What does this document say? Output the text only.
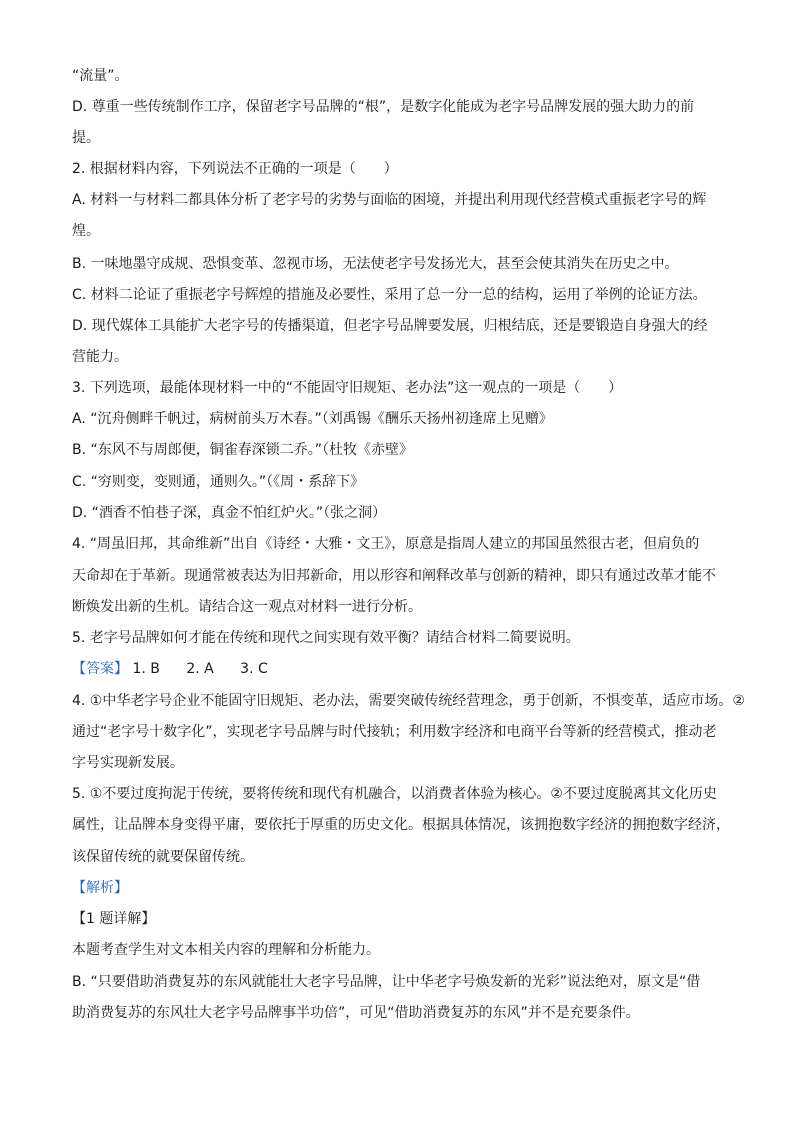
“流量”。
D. 尊重一些传统制作工序，保留老字号品牌的“根”，是数字化能成为老字号品牌发展的强大助力的前
提。
2. 根据材料内容，下列说法不正确的一项是（　　）
A. 材料一与材料二都具体分析了老字号的劣势与面临的困境，并提出利用现代经营模式重振老字号的辉
煌。
B. 一味地墨守成规、恐惧变革、忽视市场，无法使老字号发扬光大，甚至会使其消失在历史之中。
C. 材料二论证了重振老字号辉煌的措施及必要性，采用了总一分一总的结构，运用了举例的论证方法。
D. 现代媒体工具能扩大老字号的传播渠道，但老字号品牌要发展，归根结底，还是要锻造自身强大的经
营能力。
3. 下列选项，最能体现材料一中的“不能固守旧规矩、老办法”这一观点的一项是（　　）
A. “沉舟侧畔千帆过，病树前头万木春。”（刘禹锡《酬乐天扬州初逢席上见赠》
B. “东风不与周郎便，铜雀春深锁二乔。”（杜牧《赤壁》
C. “穷则变，变则通，通则久。”（《周・系辞下》
D. “酒香不怕巷子深，真金不怕红炉火。”（张之洞）
4. “周虽旧邦，其命维新”出自《诗经・大雅・文王》，原意是指周人建立的邦国虽然很古老，但肩负的
天命却在于革新。现通常被表达为旧邦新命，用以形容和阐释改革与创新的精神，即只有通过改革才能不
断焕发出新的生机。请结合这一观点对材料一进行分析。
5. 老字号品牌如何才能在传统和现代之间实现有效平衡？请结合材料二简要说明。
【答案】 1. B 2. A 3. C
4. ①中华老字号企业不能固守旧规矩、老办法，需要突破传统经营理念，勇于创新，不惧变革，适应市场。②
通过“老字号十数字化”，实现老字号品牌与时代接轨；利用数字经济和电商平台等新的经营模式，推动老
字号实现新发展。
5. ①不要过度拘泥于传统，要将传统和现代有机融合，以消费者体验为核心。②不要过度脱离其文化历史
属性，让品牌本身变得平庸，要依托于厚重的历史文化。根据具体情况，该拥抱数字经济的拥抱数字经济，
该保留传统的就要保留传统。
【解析】
【1 题详解】
本题考查学生对文本相关内容的理解和分析能力。
B. “只要借助消费复苏的东风就能壮大老字号品牌，让中华老字号焕发新的光彩”说法绝对，原文是“借
助消费复苏的东风壮大老字号品牌事半功倍”，可见“借助消费复苏的东风”并不是充要条件。
